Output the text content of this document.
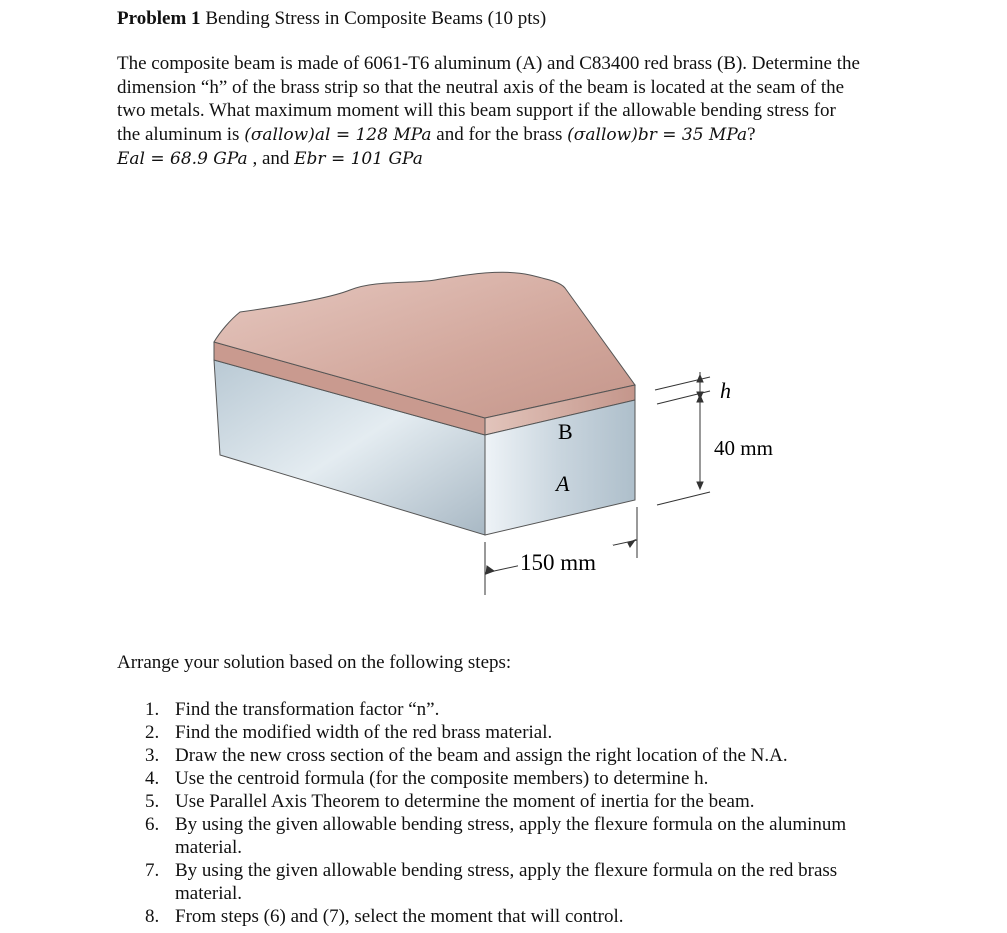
Problem 1 Bending Stress in Composite Beams (10 pts)
The composite beam is made of 6061-T6 aluminum (A) and C83400 red brass (B). Determine the
dimension “h” of the brass strip so that the neutral axis of the beam is located at the seam of the
two metals. What maximum moment will this beam support if the allowable bending stress for
the aluminum is (σallow)al = 128 MPa and for the brass (σallow)br = 35 MPa?
Eal = 68.9 GPa , and Ebr = 101 GPa
B
A
h
40 mm
150 mm
Arrange your solution based on the following steps:
1. Find the transformation factor “n”.
2. Find the modified width of the red brass material.
3. Draw the new cross section of the beam and assign the right location of the N.A.
4. Use the centroid formula (for the composite members) to determine h.
5. Use Parallel Axis Theorem to determine the moment of inertia for the beam.
6. By using the given allowable bending stress, apply the flexure formula on the aluminum material.
7. By using the given allowable bending stress, apply the flexure formula on the red brass material.
8. From steps (6) and (7), select the moment that will control.
